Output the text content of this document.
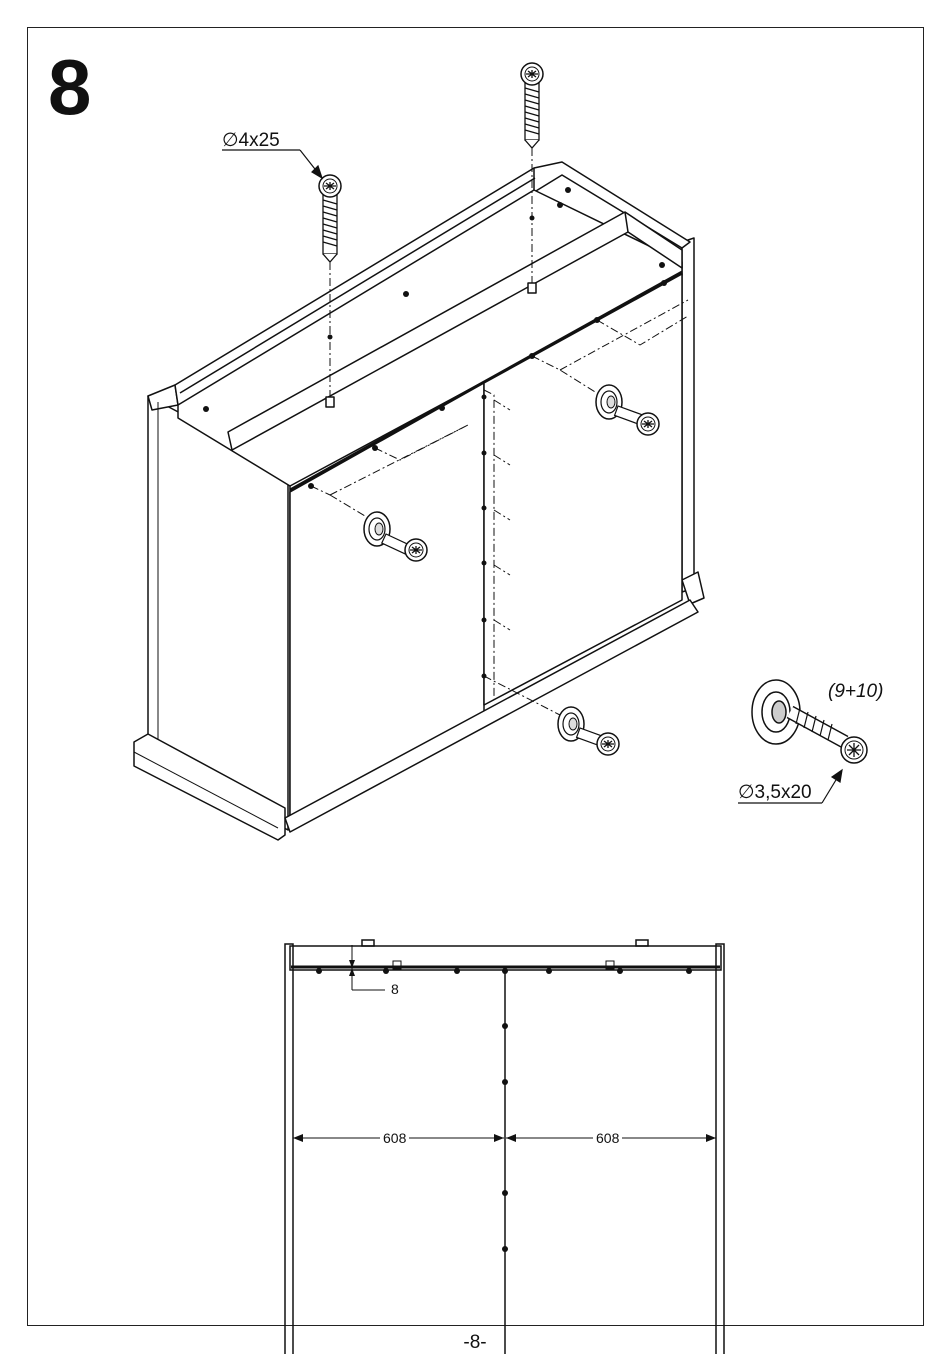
8
∅4x25
(9+10)
∅3,5x20
8
608	608
-8-
